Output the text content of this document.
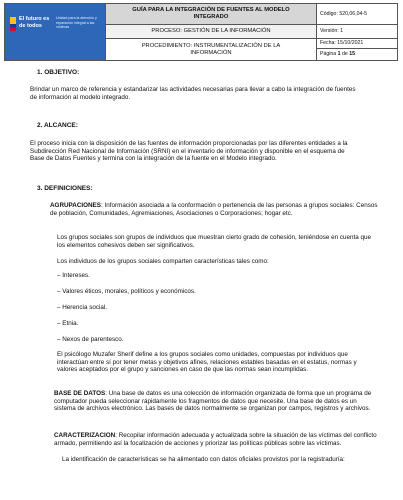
El futuro es de todos
Unidad para la atención y reparación integral a las víctimas
GUÍA PARA LA INTEGRACIÓN DE FUENTES AL MODELO INTEGRADO
PROCESO: GESTIÓN DE LA INFORMACIÓN
PROCEDIMIENTO: INSTRUMENTALIZACIÓN DE LA INFORMACIÓN
Código: 520,06,04-5
Versión: 1
Fecha: 15/10/2021
Página
1
de
15
1. OBJETIVO:
Brindar un marco de referencia y estandarizar las actividades necesarias para llevar a cabo la integración de fuentes de información al modelo integrado.
2. ALCANCE:
El proceso inicia con la disposición de las fuentes de información proporcionadas por las diferentes entidades a la Subdirección Red Nacional de Información (SRNI) en el inventario de información y disponible en el esquema de Base de Datos Fuentes y termina con la integración de la fuente en el Modelo integrado.
3. DEFINICIONES:
AGRUPACIONES: Información asociada a la conformación o pertenencia de las personas a grupos sociales: Censos de población, Comunidades, Agremiaciones, Asociaciones o Corporaciones; hogar etc.
Los grupos sociales son grupos de individuos que muestran cierto grado de cohesión, teniéndose en cuenta que los elementos cohesivos deben ser significativos.
Los individuos de los grupos sociales comparten características tales como:
– Intereses.
– Valores éticos, morales, políticos y económicos.
– Herencia social.
– Etnia.
– Nexos de parentesco.
El psicólogo Muzafer Sherif define a los grupos sociales como unidades, compuestas por individuos que interactúan entre sí por tener metas y objetivos afines, relaciones estables basadas en el estatus, normas y valores aceptados por el grupo y sanciones en caso de que las normas sean incumplidas.
BASE DE DATOS: Una base de datos es una colección de información organizada de forma que un programa de computador pueda seleccionar rápidamente los fragmentos de datos que necesite. Una base de datos es un sistema de archivos electrónico. Las bases de datos normalmente se organizan por campos, registros y archivos.
CARACTERIZACION: Recopilar información adecuada y actualizada sobre la situación de las víctimas del conflicto armado, permitiendo así la focalización de acciones y priorizar las políticas públicas sobre las víctimas.
La identificación de características se ha alimentado con datos oficiales provistos por la registraduría:
